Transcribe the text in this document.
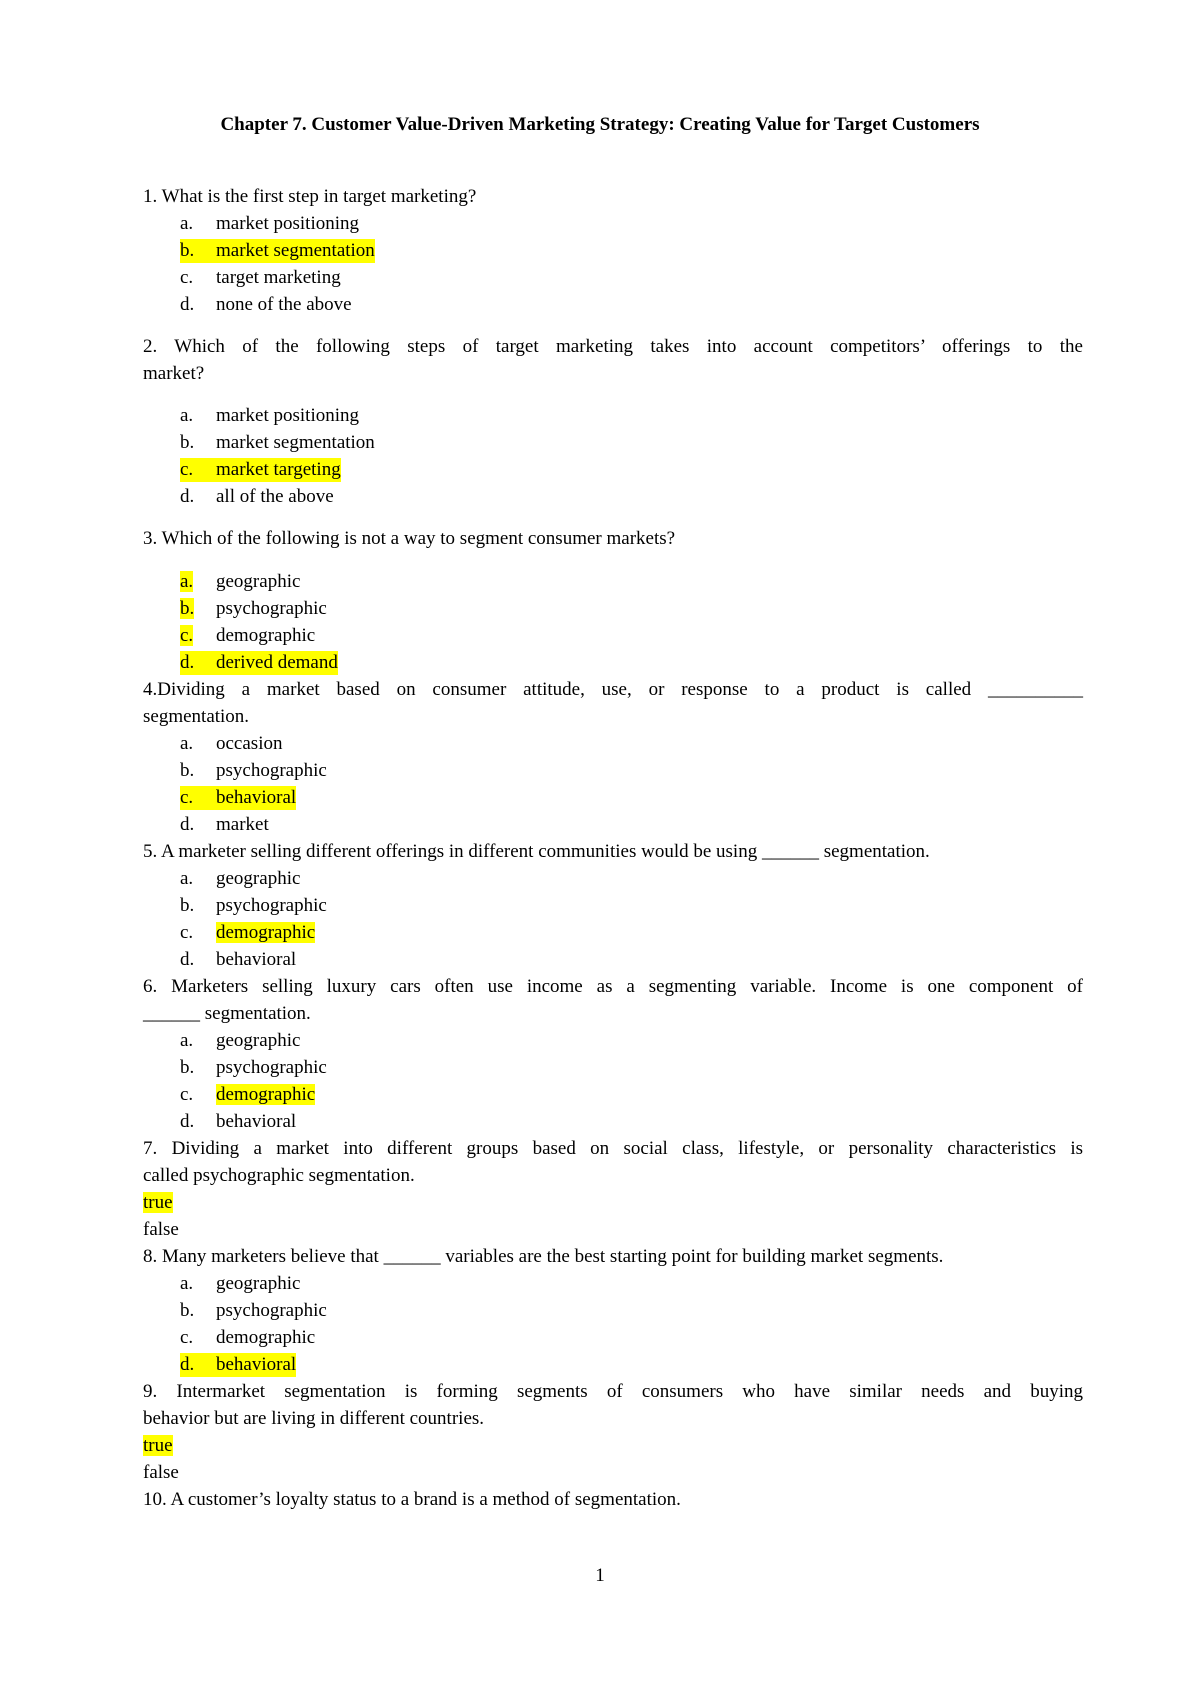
Chapter 7. Customer Value-Driven Marketing Strategy: Creating Value for Target Customers
1. What is the first step in target marketing?
a. market positioning
b. market segmentation
c. target marketing
d. none of the above
2. Which of the following steps of target marketing takes into account competitors’ offerings to the
market?
a. market positioning
b. market segmentation
c. market targeting
d. all of the above
3. Which of the following is not a way to segment consumer markets?
a. geographic
b. psychographic
c. demographic
d. derived demand
4.Dividing a market based on consumer attitude, use, or response to a product is called __________
segmentation.
a. occasion
b. psychographic
c. behavioral
d. market
5. A marketer selling different offerings in different communities would be using ______ segmentation.
a. geographic
b. psychographic
c. demographic
d. behavioral
6. Marketers selling luxury cars often use income as a segmenting variable. Income is one component of
______ segmentation.
a. geographic
b. psychographic
c. demographic
d. behavioral
7. Dividing a market into different groups based on social class, lifestyle, or personality characteristics is
called psychographic segmentation.
true
false
8. Many marketers believe that ______ variables are the best starting point for building market segments.
a. geographic
b. psychographic
c. demographic
d. behavioral
9. Intermarket segmentation is forming segments of consumers who have similar needs and buying
behavior but are living in different countries.
true
false
10. A customer’s loyalty status to a brand is a method of segmentation.
1
